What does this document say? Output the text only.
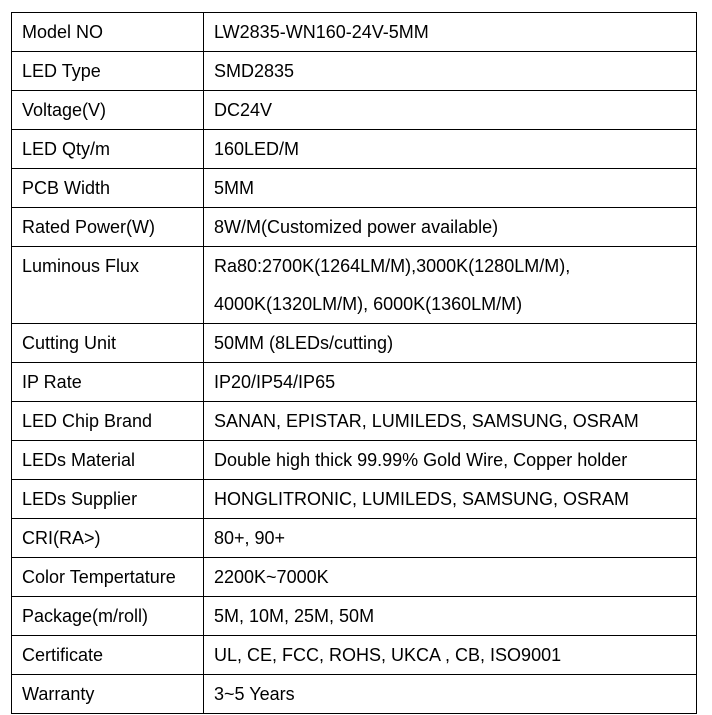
Model NO	LW2835-WN160-24V-5MM

LED Type	SMD2835

Voltage(V)	DC24V

LED Qty/m	160LED/M

PCB Width	5MM

Rated Power(W)	8W/M(Customized power available)

Luminous Flux	Ra80:2700K(1264LM/M),3000K(1280LM/M),
4000K(1320LM/M), 6000K(1360LM/M)

Cutting Unit	50MM (8LEDs/cutting)

IP Rate	IP20/IP54/IP65

LED Chip Brand	SANAN, EPISTAR, LUMILEDS, SAMSUNG, OSRAM

LEDs Material	Double high thick 99.99% Gold Wire, Copper holder

LEDs Supplier	HONGLITRONIC, LUMILEDS, SAMSUNG, OSRAM

CRI(RA>)	80+, 90+

Color Tempertature	2200K~7000K

Package(m/roll)	5M, 10M, 25M, 50M

Certificate	UL, CE, FCC, ROHS, UKCA , CB, ISO9001

Warranty	3~5 Years
